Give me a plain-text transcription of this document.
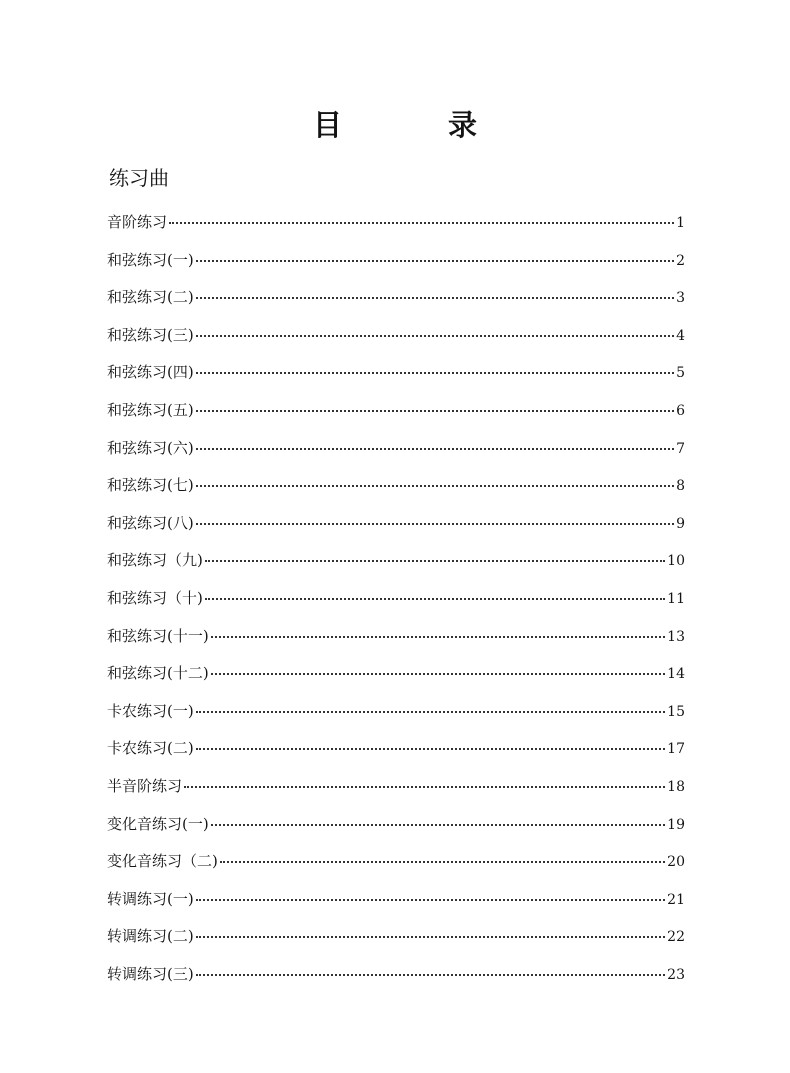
目 录
练习曲
音阶练习	1
和弦练习(一)	2
和弦练习(二)	3
和弦练习(三)	4
和弦练习(四)	5
和弦练习(五)	6
和弦练习(六)	7
和弦练习(七)	8
和弦练习(八)	9
和弦练习（九)	10
和弦练习（十)	11
和弦练习(十一)	13
和弦练习(十二)	14
卡农练习(一)	15
卡农练习(二)	17
半音阶练习	18
变化音练习(一)	19
变化音练习（二)	20
转调练习(一)	21
转调练习(二)	22
转调练习(三)	23
